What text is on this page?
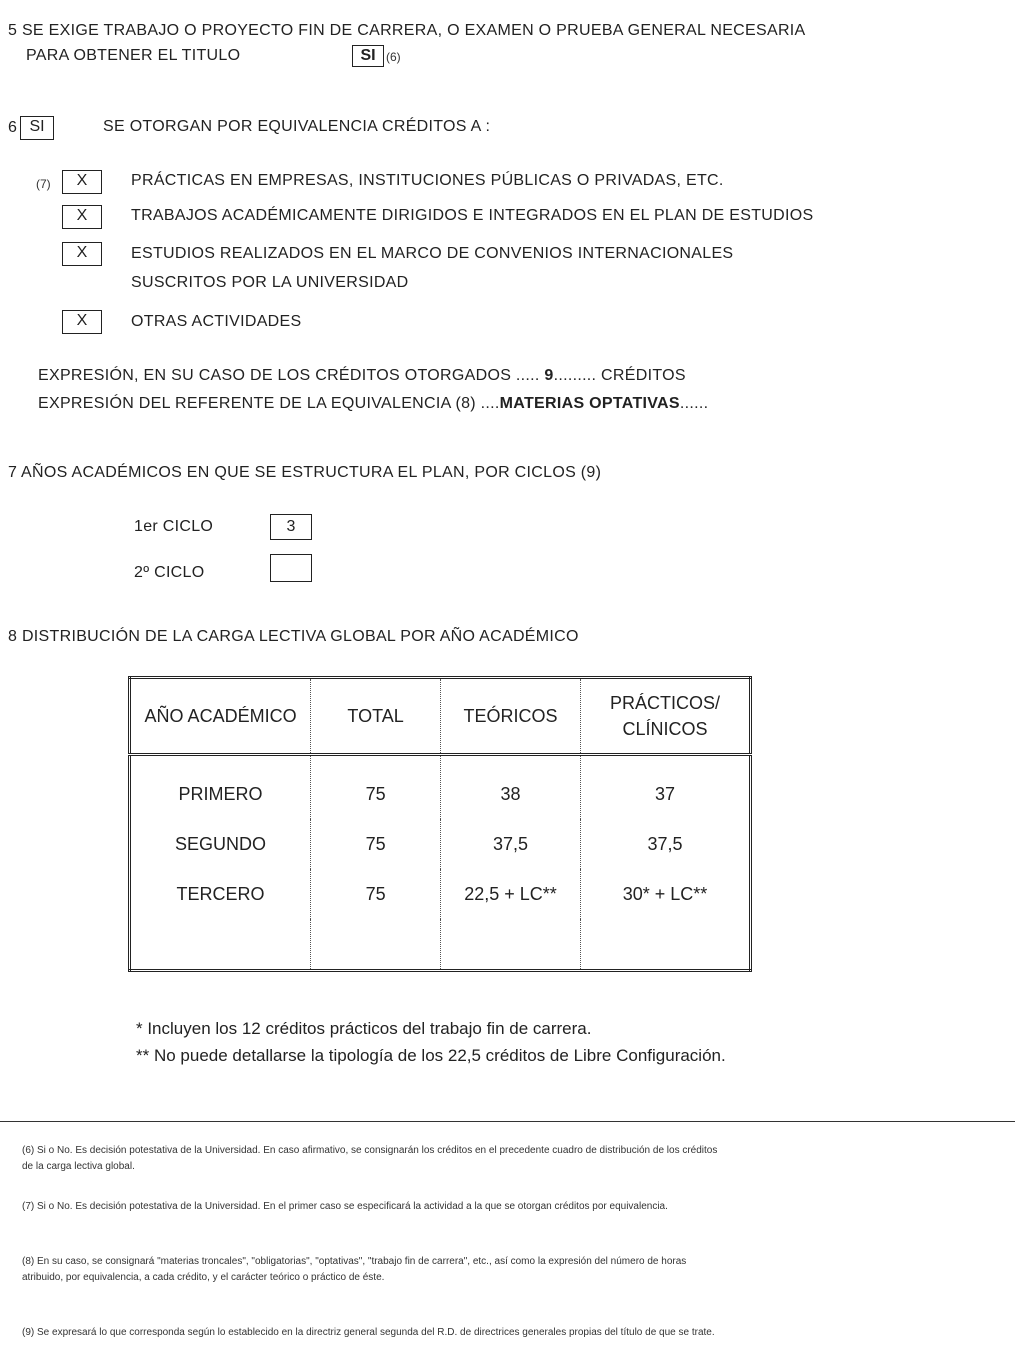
5 SE EXIGE TRABAJO O PROYECTO FIN DE CARRERA, O EXAMEN O PRUEBA GENERAL NECESARIA
PARA OBTENER EL TITULO	SI (6)
6 SI	SE OTORGAN POR EQUIVALENCIA CRÉDITOS A :
(7)	X	PRÁCTICAS EN EMPRESAS, INSTITUCIONES PÚBLICAS O PRIVADAS, ETC.
X	TRABAJOS ACADÉMICAMENTE DIRIGIDOS E INTEGRADOS EN EL PLAN DE ESTUDIOS
X	ESTUDIOS REALIZADOS EN EL MARCO DE CONVENIOS INTERNACIONALES
SUSCRITOS POR LA UNIVERSIDAD
X	OTRAS ACTIVIDADES
EXPRESIÓN, EN SU CASO DE LOS CRÉDITOS OTORGADOS ..... 9......... CRÉDITOS
EXPRESIÓN DEL REFERENTE DE LA EQUIVALENCIA (8) ....MATERIAS OPTATIVAS......
7 AÑOS ACADÉMICOS EN QUE SE ESTRUCTURA EL PLAN, POR CICLOS (9)
1er CICLO	3
2º CICLO
8 DISTRIBUCIÓN DE LA CARGA LECTIVA GLOBAL POR AÑO ACADÉMICO
AÑO ACADÉMICO	TOTAL	TEÓRICOS	PRÁCTICOS/
CLÍNICOS
PRIMERO	75	38	37
SEGUNDO	75	37,5	37,5
TERCERO	75	22,5 + LC**	30* + LC**

* Incluyen los 12 créditos prácticos del trabajo fin de carrera.
** No puede detallarse la tipología de los 22,5 créditos de Libre Configuración.
(6) Si o No. Es decisión potestativa de la Universidad. En caso afirmativo, se consignarán los créditos en el precedente cuadro de distribución de los créditos de la carga lectiva global.
(7) Si o No. Es decisión potestativa de la Universidad. En el primer caso se especificará la actividad a la que se otorgan créditos por equivalencia.
(8) En su caso, se consignará "materias troncales", "obligatorias", "optativas", "trabajo fin de carrera", etc., así como la expresión del número de horas atribuido, por equivalencia, a cada crédito, y el carácter teórico o práctico de éste.
(9) Se expresará lo que corresponda según lo establecido en la directriz general segunda del R.D. de directrices generales propias del título de que se trate.
